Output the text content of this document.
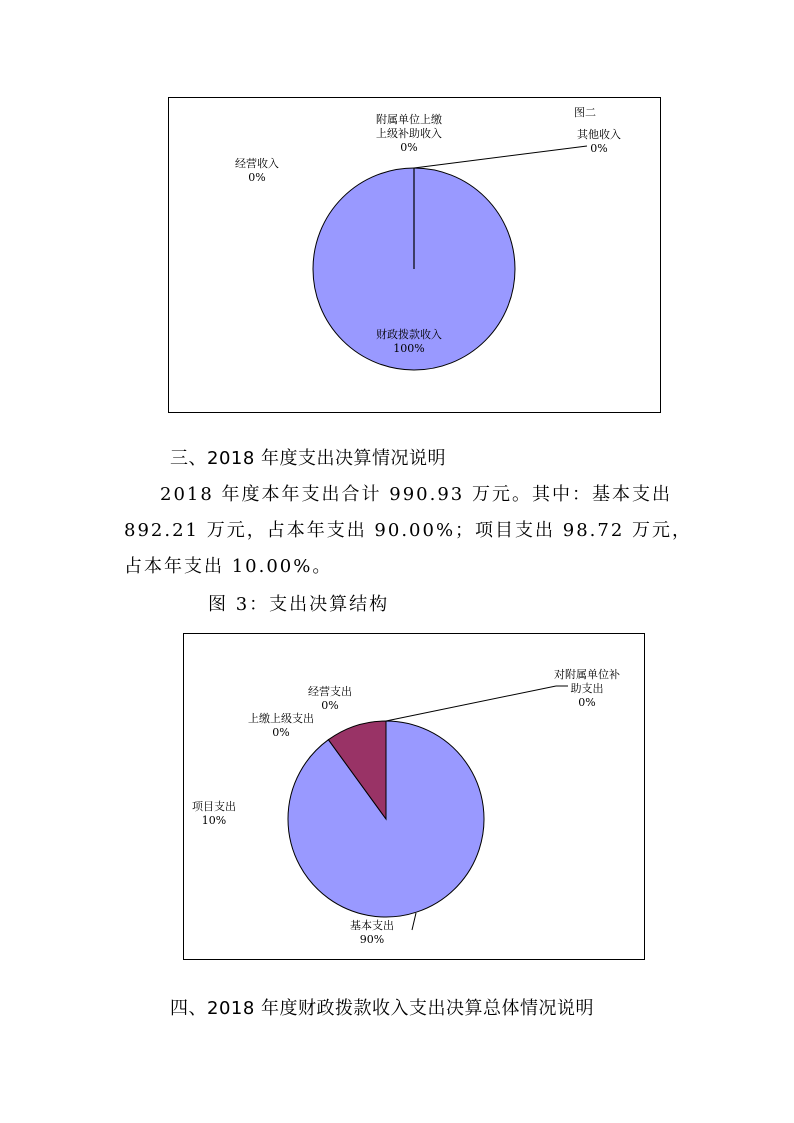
图二
其他收入
0%
附属单位上缴
上级补助收入
0%
经营收入
0%
财政拨款收入
100%
三、2018 年度支出决算情况说明
2018 年度本年支出合计 990.93 万元。其中：基本支出
892.21 万元，占本年支出 90.00%；项目支出 98.72 万元，
占本年支出 10.00%。
图 3：支出决算结构
对附属单位补
助支出
0%
经营支出
0%
上缴上级支出
0%
项目支出
10%
基本支出
90%
四、2018 年度财政拨款收入支出决算总体情况说明
